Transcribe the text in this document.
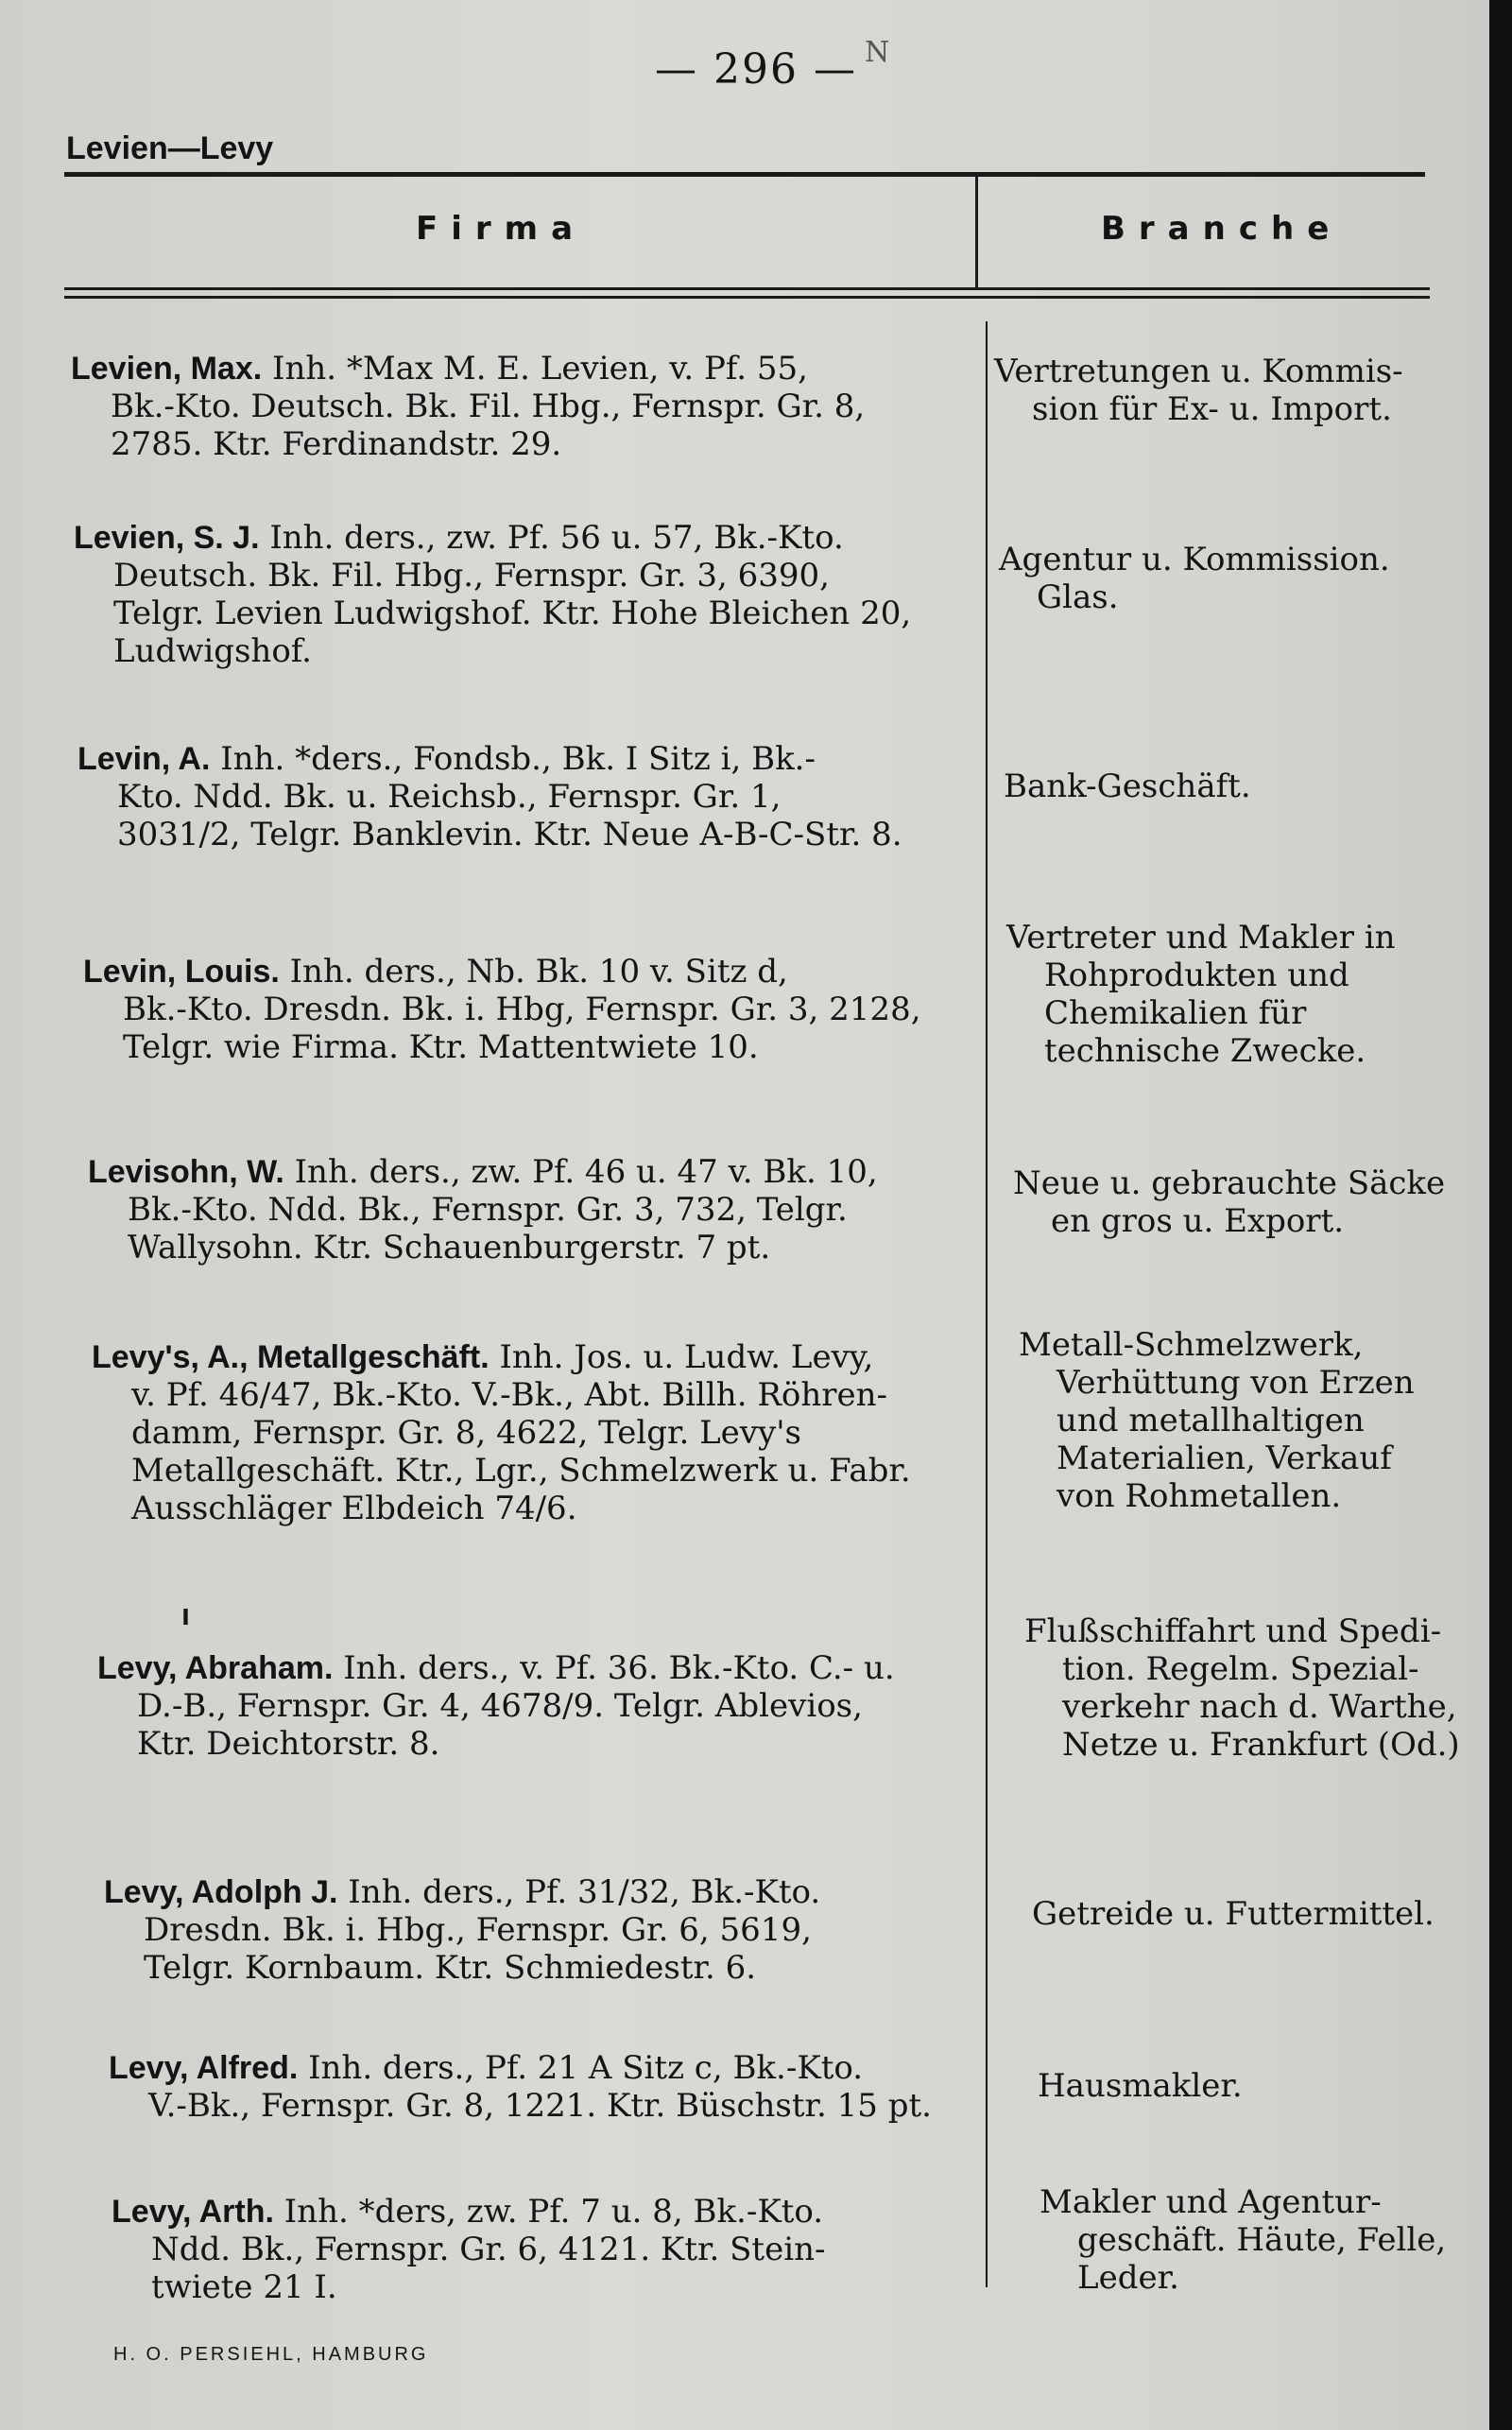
— 296 — N
Levien—Levy
Firma	Branche
Levien, Max. Inh. *Max M. E. Levien, v. Pf. 55,
Bk.-Kto. Deutsch. Bk. Fil. Hbg., Fernspr. Gr. 8,
2785. Ktr. Ferdinandstr. 29.
Vertretungen u. Kommis-
sion für Ex- u. Import.
Levien, S. J. Inh. ders., zw. Pf. 56 u. 57, Bk.-Kto.
Deutsch. Bk. Fil. Hbg., Fernspr. Gr. 3, 6390,
Telgr. Levien Ludwigshof. Ktr. Hohe Bleichen 20,
Ludwigshof.
Agentur u. Kommission.
Glas.
Levin, A. Inh. *ders., Fondsb., Bk. I Sitz i, Bk.-
Kto. Ndd. Bk. u. Reichsb., Fernspr. Gr. 1,
3031/2, Telgr. Banklevin. Ktr. Neue A-B-C-Str. 8.
Bank-Geschäft.
Levin, Louis. Inh. ders., Nb. Bk. 10 v. Sitz d,
Bk.-Kto. Dresdn. Bk. i. Hbg, Fernspr. Gr. 3, 2128,
Telgr. wie Firma. Ktr. Mattentwiete 10.
Vertreter und Makler in
Rohprodukten und
Chemikalien für
technische Zwecke.
Levisohn, W. Inh. ders., zw. Pf. 46 u. 47 v. Bk. 10,
Bk.-Kto. Ndd. Bk., Fernspr. Gr. 3, 732, Telgr.
Wallysohn. Ktr. Schauenburgerstr. 7 pt.
Neue u. gebrauchte Säcke
en gros u. Export.
Levy's, A., Metallgeschäft. Inh. Jos. u. Ludw. Levy,
v. Pf. 46/47, Bk.-Kto. V.-Bk., Abt. Billh. Röhren-
damm, Fernspr. Gr. 8, 4622, Telgr. Levy's
Metallgeschäft. Ktr., Lgr., Schmelzwerk u. Fabr.
Ausschläger Elbdeich 74/6.
Metall-Schmelzwerk,
Verhüttung von Erzen
und metallhaltigen
Materialien, Verkauf
von Rohmetallen.
ı
Levy, Abraham. Inh. ders., v. Pf. 36. Bk.-Kto. C.- u.
D.-B., Fernspr. Gr. 4, 4678/9. Telgr. Ablevios,
Ktr. Deichtorstr. 8.
Flußschiffahrt und Spedi-
tion. Regelm. Spezial-
verkehr nach d. Warthe,
Netze u. Frankfurt (Od.)
Levy, Adolph J. Inh. ders., Pf. 31/32, Bk.-Kto.
Dresdn. Bk. i. Hbg., Fernspr. Gr. 6, 5619,
Telgr. Kornbaum. Ktr. Schmiedestr. 6.
Getreide u. Futtermittel.
Levy, Alfred. Inh. ders., Pf. 21 A Sitz c, Bk.-Kto.
V.-Bk., Fernspr. Gr. 8, 1221. Ktr. Büschstr. 15 pt.
Hausmakler.
Levy, Arth. Inh. *ders, zw. Pf. 7 u. 8, Bk.-Kto.
Ndd. Bk., Fernspr. Gr. 6, 4121. Ktr. Stein-
twiete 21 I.
Makler und Agentur-
geschäft. Häute, Felle,
Leder.
H. O. PERSIEHL, HAMBURG
